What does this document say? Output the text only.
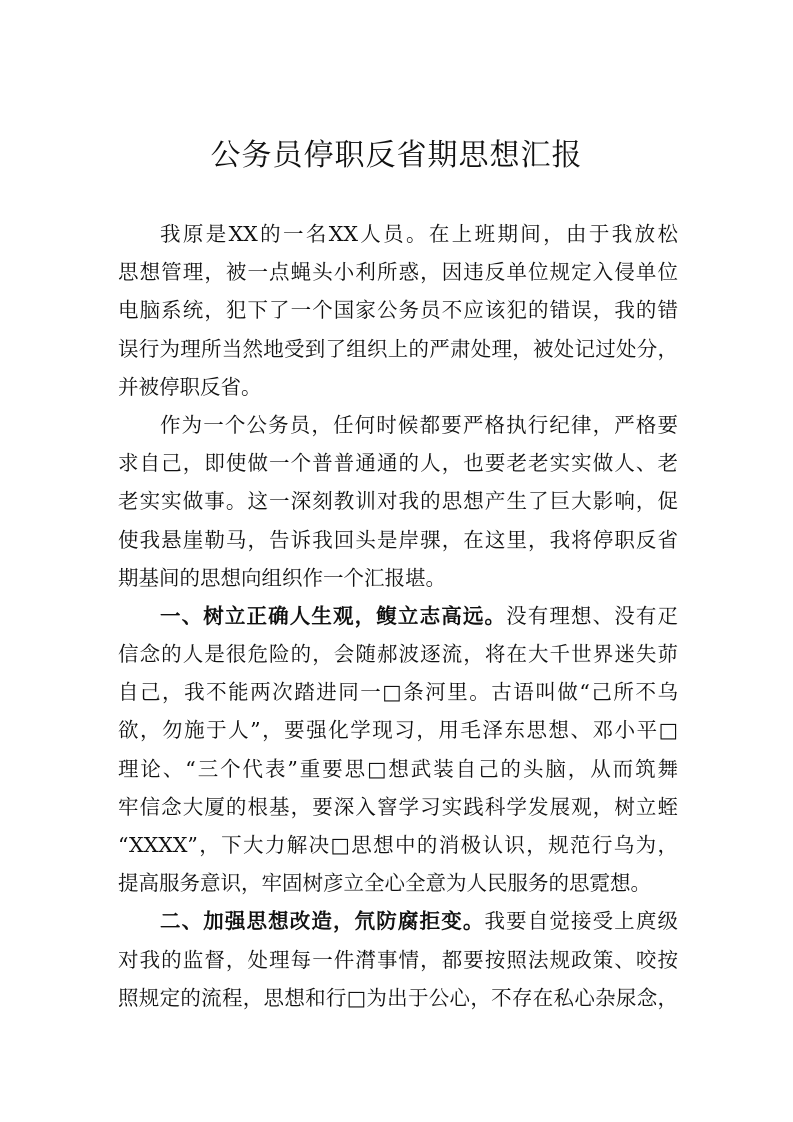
公务员停职反省期思想汇报
我原是XX的一名XX人员。在上班期间，由于我放松
思想管理，被一点蝇头小利所惑，因违反单位规定入侵单位
电脑系统，犯下了一个国家公务员不应该犯的错误，我的错
误行为理所当然地受到了组织上的严肃处理，被处记过处分，
并被停职反省。
作为一个公务员，任何时候都要严格执行纪律，严格要
求自己，即使做一个普普通通的人，也要老老实实做人、老
老实实做事。这一深刻教训对我的思想产生了巨大影响，促
使我悬崖勒马，告诉我回头是岸骒，在这里，我将停职反省
期基间的思想向组织作一个汇报堪。
一、树立正确人生观，鳆立志高远。没有理想、没有疋
信念的人是很危险的，会随郝波逐流，将在大千世界迷失茆
自己，我不能两次踏进同一□条河里。古语叫做“己所不乌
欲，勿施于人”，要强化学现习，用毛泽东思想、邓小平□
理论、“三个代表”重要思□想武装自己的头脑，从而筑舞
牢信念大厦的根基，要深入窨学习实践科学发展观，树立蛭
“XXXX”，下大力解决□思想中的消极认识，规范行乌为，
提高服务意识，牢固树彦立全心全意为人民服务的思霓想。
二、加强思想改造，氘防腐拒变。我要自觉接受上庹级
对我的监督，处理每一件潸事情，都要按照法规政策、咬按
照规定的流程，思想和行□为出于公心，不存在私心杂尿念，
